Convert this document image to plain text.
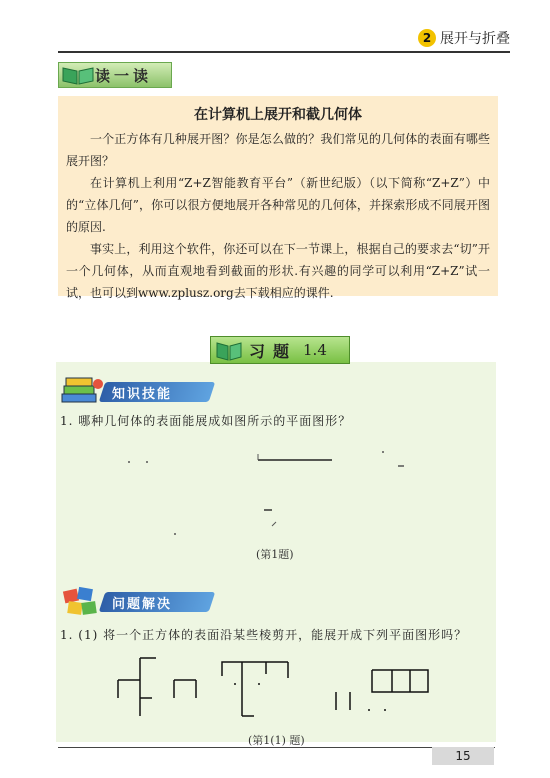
2 展开与折叠
读一读
在计算机上展开和截几何体

一个正方体有几种展开图？你是怎么做的？我们常见的几何体的表面有哪些展开图？

在计算机上利用“Z+Z智能教育平台”（新世纪版）（以下简称“Z+Z”）中的“立体几何”，你可以很方便地展开各种常见的几何体，并探索形成不同展开图的原因.

事实上，利用这个软件，你还可以在下一节课上，根据自己的要求去“切”开一个几何体，从而直观地看到截面的形状.有兴趣的同学可以利用“Z+Z”试一试，也可以到www.zplusz.org去下载相应的课件.

习题 1.4
知识技能
1. 哪种几何体的表面能展成如图所示的平面图形？
(第1题)
问题解决
1. (1) 将一个正方体的表面沿某些棱剪开，能展开成下列平面图形吗？
(第1(1) 题)
15
